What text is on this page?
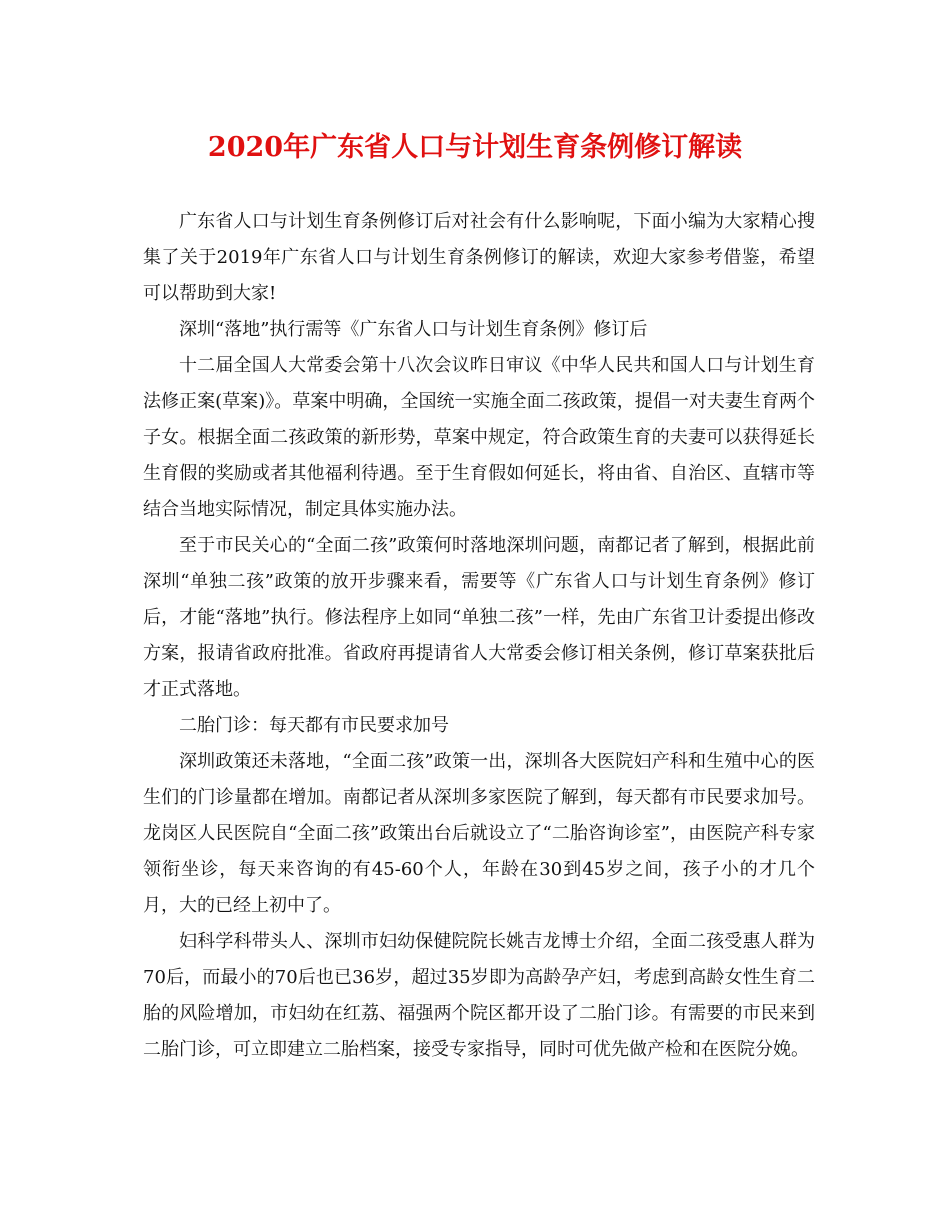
2020年广东省人口与计划生育条例修订解读

广东省人口与计划生育条例修订后对社会有什么影响呢，下面小编为大家精心搜集了关于2019年广东省人口与计划生育条例修订的解读，欢迎大家参考借鉴，希望可以帮助到大家!

深圳“落地”执行需等《广东省人口与计划生育条例》修订后

十二届全国人大常委会第十八次会议昨日审议《中华人民共和国人口与计划生育法修正案(草案)》。草案中明确，全国统一实施全面二孩政策，提倡一对夫妻生育两个子女。根据全面二孩政策的新形势，草案中规定，符合政策生育的夫妻可以获得延长生育假的奖励或者其他福利待遇。至于生育假如何延长，将由省、自治区、直辖市等结合当地实际情况，制定具体实施办法。

至于市民关心的“全面二孩”政策何时落地深圳问题，南都记者了解到，根据此前深圳“单独二孩”政策的放开步骤来看，需要等《广东省人口与计划生育条例》修订后，才能“落地”执行。修法程序上如同“单独二孩”一样，先由广东省卫计委提出修改方案，报请省政府批准。省政府再提请省人大常委会修订相关条例，修订草案获批后才正式落地。

二胎门诊：每天都有市民要求加号

深圳政策还未落地，“全面二孩”政策一出，深圳各大医院妇产科和生殖中心的医生们的门诊量都在增加。南都记者从深圳多家医院了解到，每天都有市民要求加号。龙岗区人民医院自“全面二孩”政策出台后就设立了“二胎咨询诊室”，由医院产科专家领衔坐诊，每天来咨询的有45-60个人，年龄在30到45岁之间，孩子小的才几个月，大的已经上初中了。

妇科学科带头人、深圳市妇幼保健院院长姚吉龙博士介绍，全面二孩受惠人群为70后，而最小的70后也已36岁，超过35岁即为高龄孕产妇，考虑到高龄女性生育二胎的风险增加，市妇幼在红荔、福强两个院区都开设了二胎门诊。有需要的市民来到二胎门诊，可立即建立二胎档案，接受专家指导，同时可优先做产检和在医院分娩。
